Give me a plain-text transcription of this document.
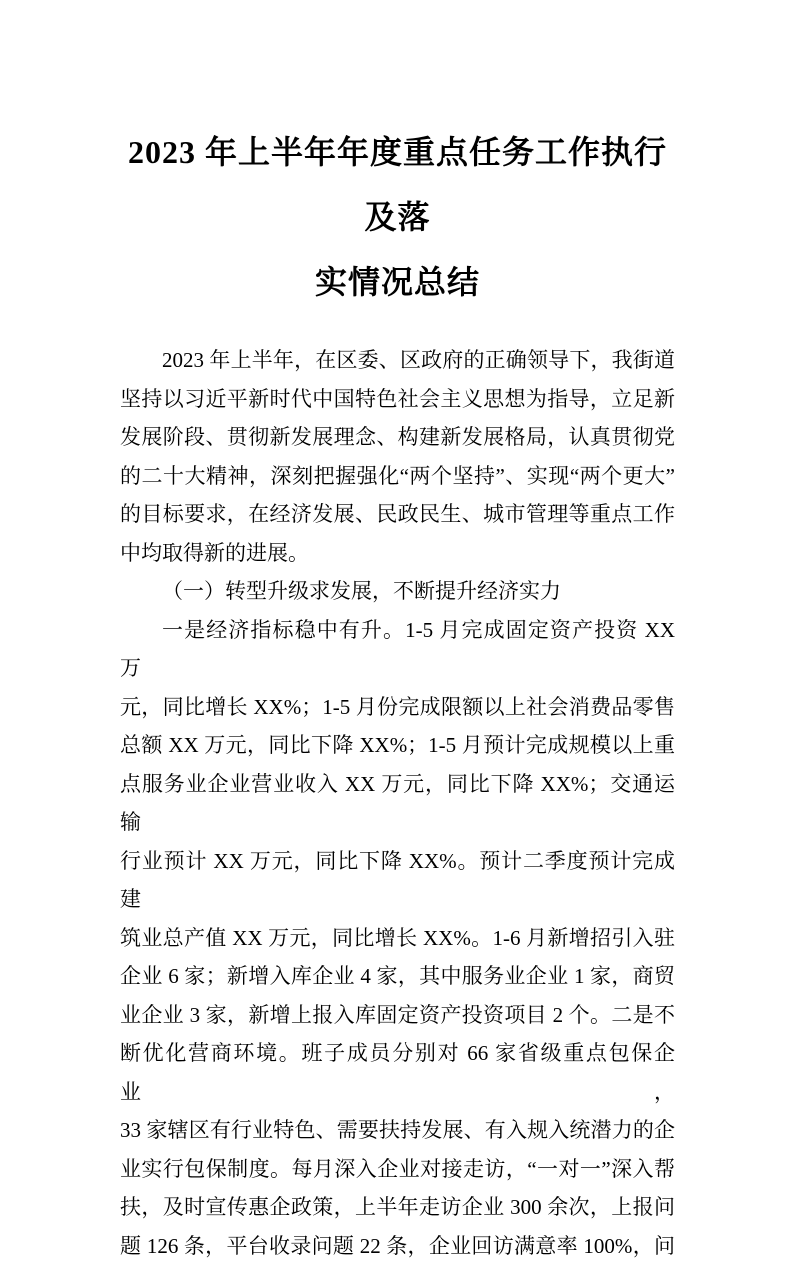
2023 年上半年年度重点任务工作执行及落
实情况总结
2023 年上半年，在区委、区政府的正确领导下，我街道
坚持以习近平新时代中国特色社会主义思想为指导，立足新
发展阶段、贯彻新发展理念、构建新发展格局，认真贯彻党
的二十大精神，深刻把握强化“两个坚持”、实现“两个更大”
的目标要求，在经济发展、民政民生、城市管理等重点工作
中均取得新的进展。
（一）转型升级求发展，不断提升经济实力
一是经济指标稳中有升。1-5 月完成固定资产投资 XX 万
元，同比增长 XX%；1-5 月份完成限额以上社会消费品零售
总额 XX 万元，同比下降 XX%；1-5 月预计完成规模以上重
点服务业企业营业收入 XX 万元，同比下降 XX%；交通运输
行业预计 XX 万元，同比下降 XX%。预计二季度预计完成建
筑业总产值 XX 万元，同比增长 XX%。1-6 月新增招引入驻
企业 6 家；新增入库企业 4 家，其中服务业企业 1 家，商贸
业企业 3 家，新增上报入库固定资产投资项目 2 个。二是不
断优化营商环境。班子成员分别对 66 家省级重点包保企业，
33 家辖区有行业特色、需要扶持发展、有入规入统潜力的企
业实行包保制度。每月深入企业对接走访，“一对一”深入帮
扶，及时宣传惠企政策，上半年走访企业 300 余次，上报问
题 126 条，平台收录问题 22 条，企业回访满意率 100%，问
